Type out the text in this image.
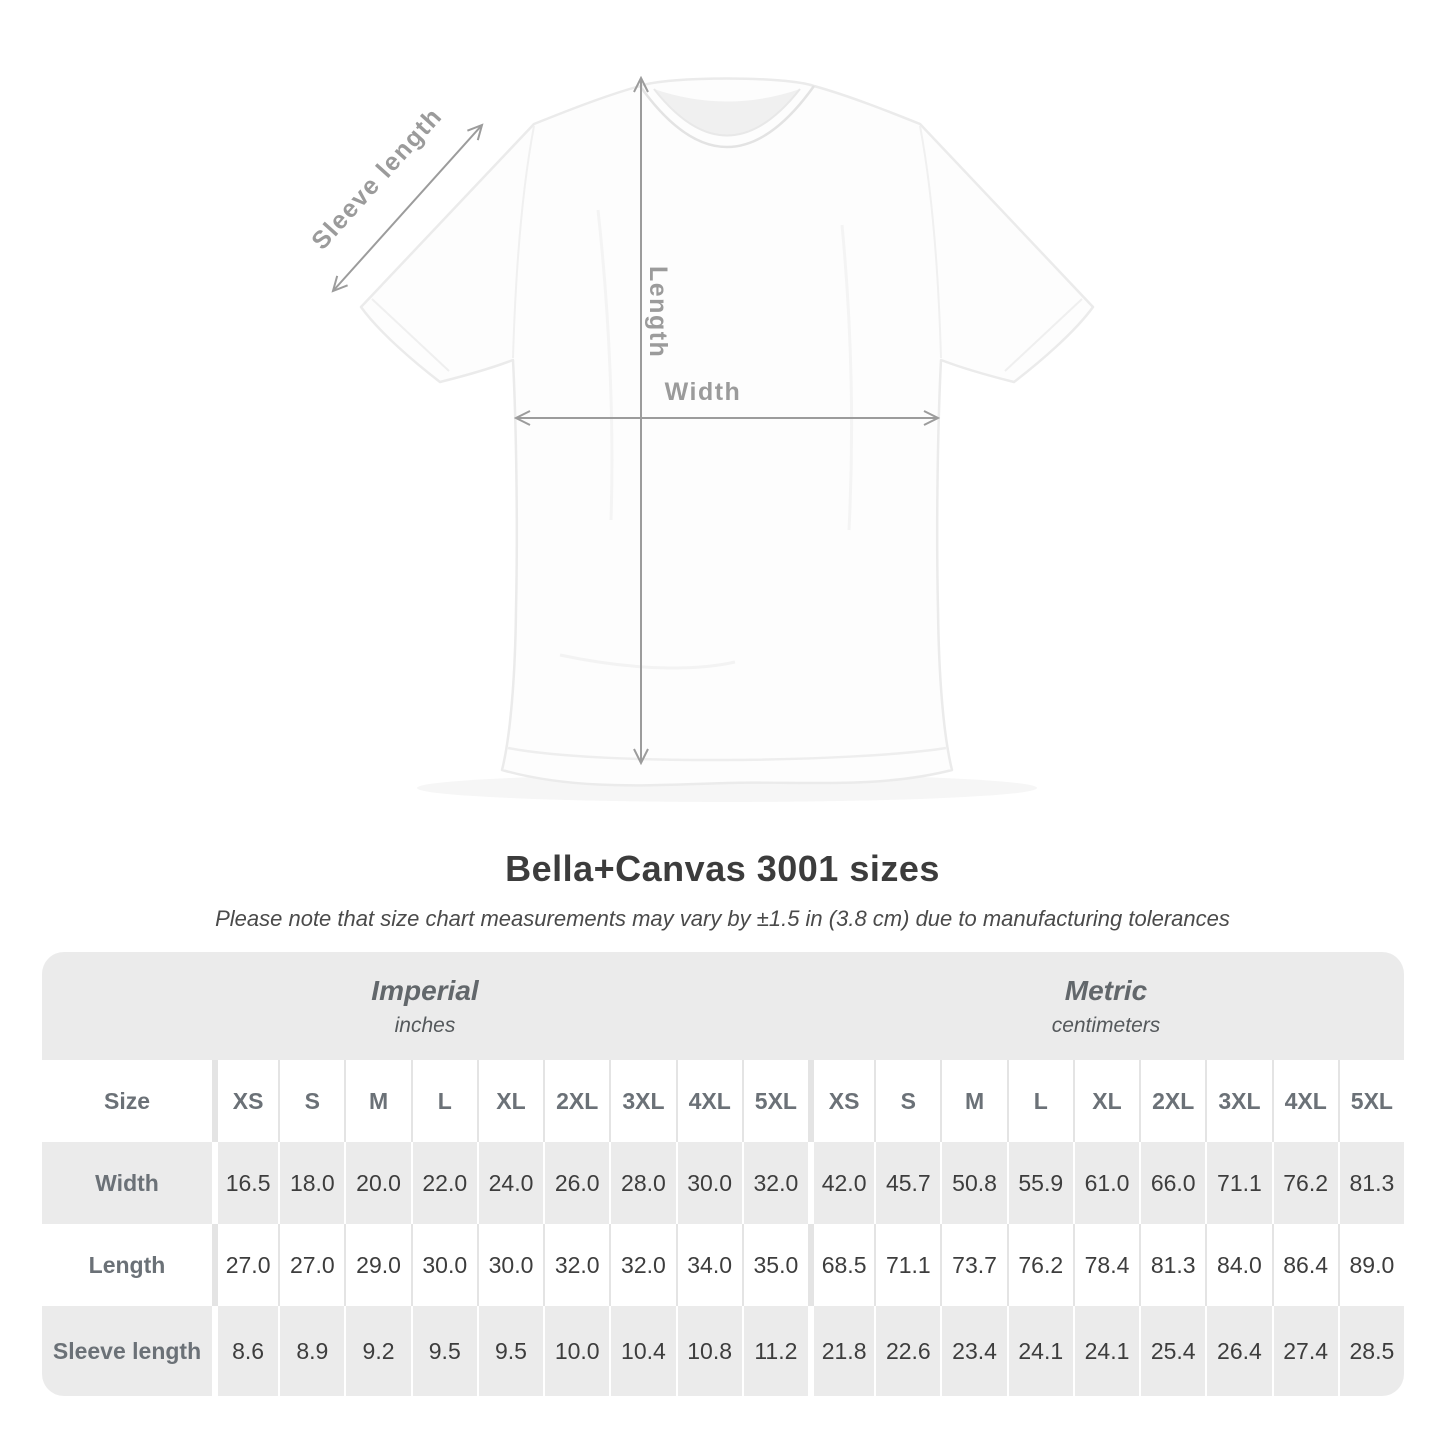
Sleeve length
Length
Width
Bella+Canvas 3001 sizes

Please note that size chart measurements may vary by ±1.5 in (3.8 cm) due to manufacturing tolerances

Imperial
inches
Metric
centimeters
Size	XS	S	M	L	XL	2XL	3XL	4XL	5XL	XS	S	M	L	XL	2XL	3XL	4XL	5XL
Width	16.5 18.0 20.0 22.0 24.0 26.0 28.0 30.0 32.0	42.0 45.7 50.8 55.9 61.0 66.0 71.1 76.2 81.3
Length	27.0 27.0 29.0 30.0 30.0 32.0 32.0 34.0 35.0	68.5 71.1 73.7 76.2 78.4 81.3 84.0 86.4 89.0
Sleeve length	8.6	8.9	9.2	9.5	9.5	10.0 10.4 10.8 11.2	21.8 22.6 23.4 24.1 24.1 25.4 26.4 27.4 28.5
